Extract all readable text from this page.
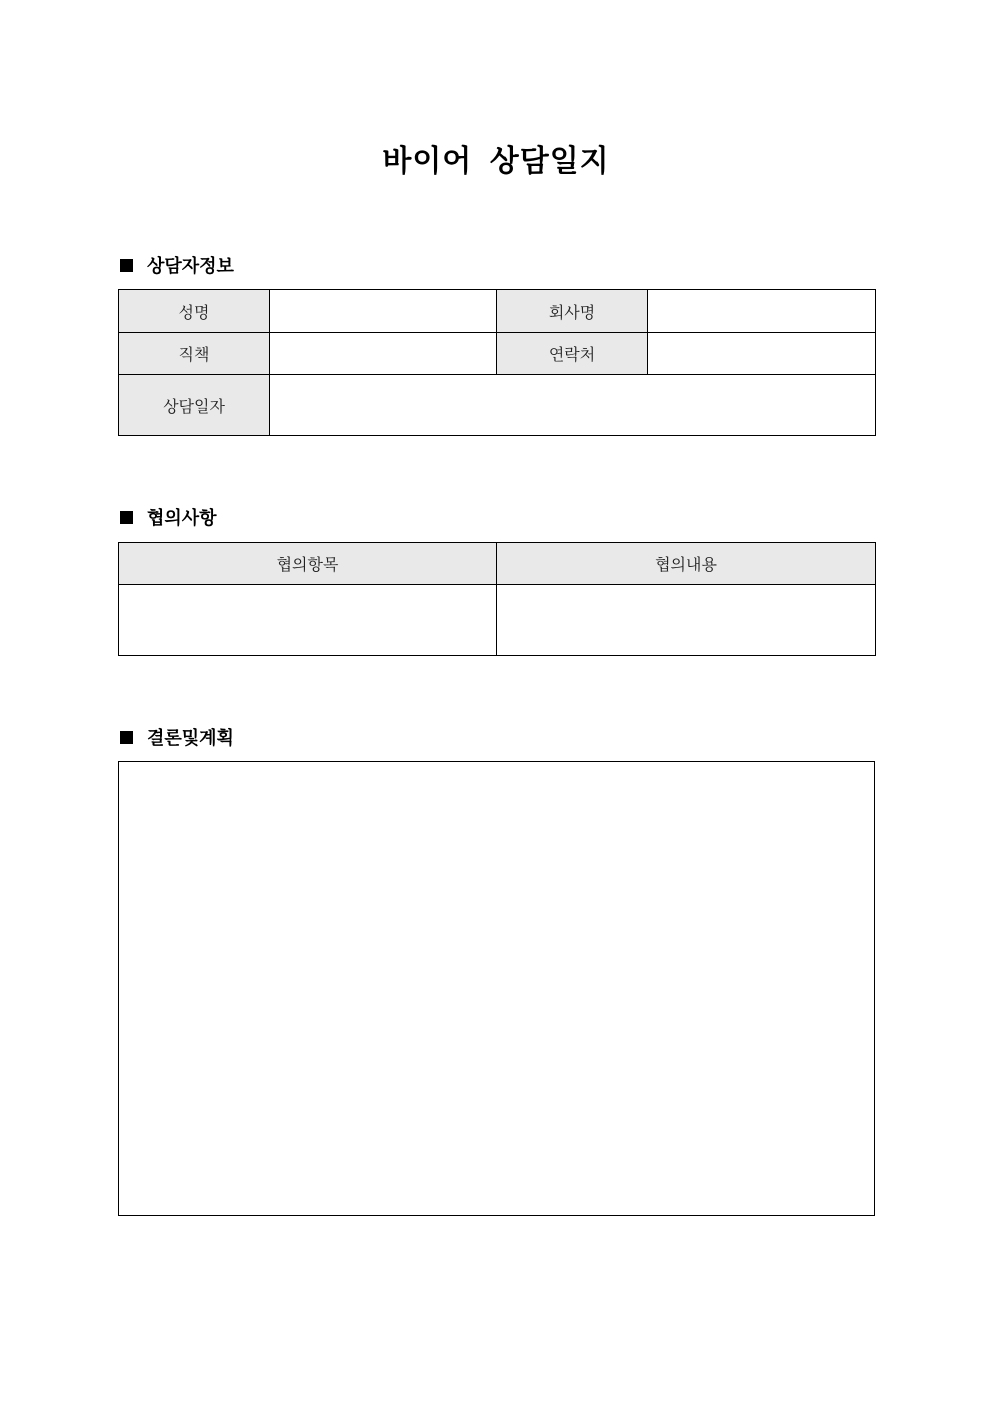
바이어 상담일지
상담자정보
성명		회사명	
직책		연락처	
상담일자			
협의사항
협의항목	협의내용

결론및계획
